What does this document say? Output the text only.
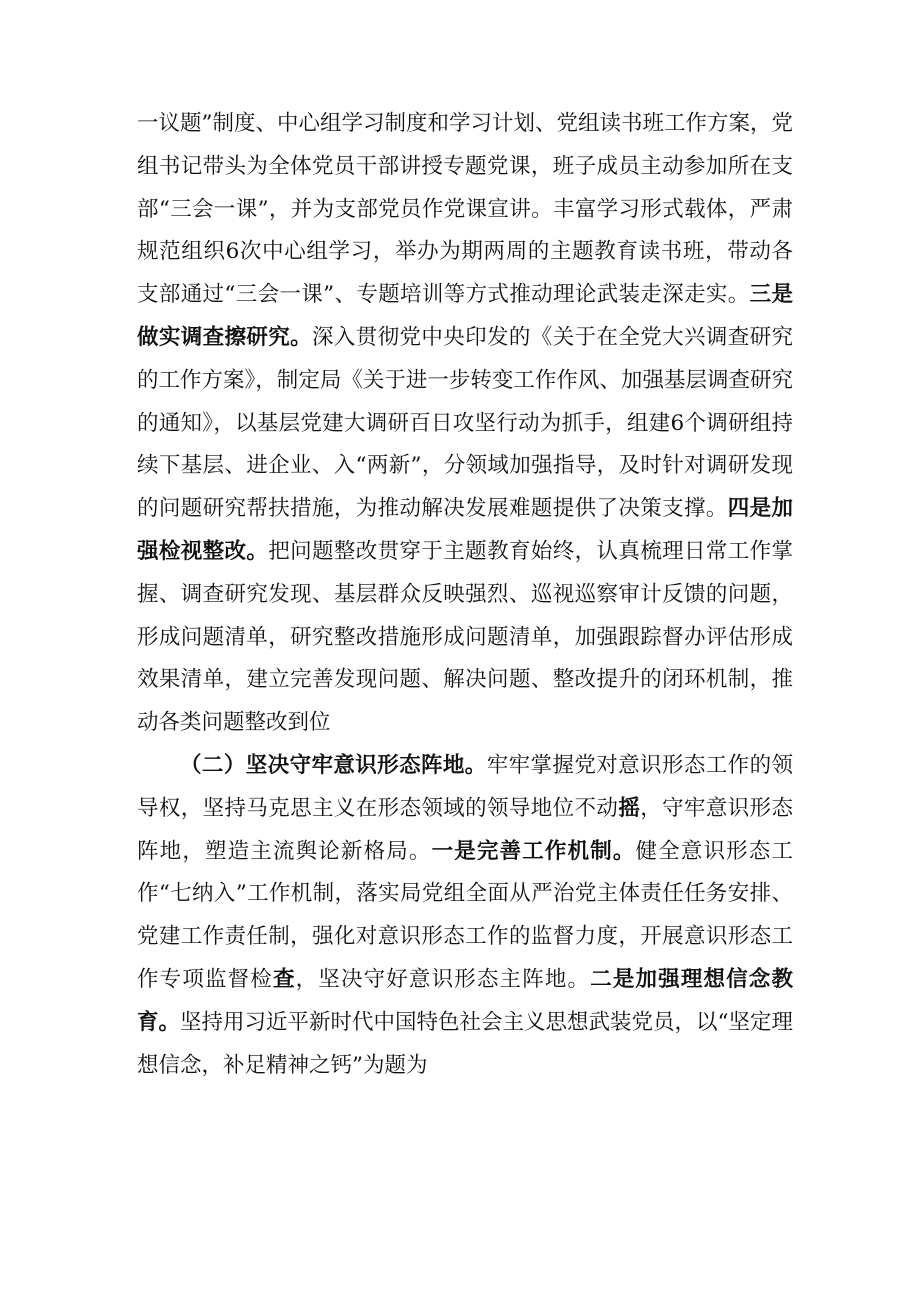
一议题”制度、中心组学习制度和学习计划、党组读书班工作方案，党组书记带头为全体党员干部讲授专题党课，班子成员主动参加所在支部“三会一课”，并为支部党员作党课宣讲。丰富学习形式载体，严肃规范组织6次中心组学习，举办为期两周的主题教育读书班，带动各支部通过“三会一课”、专题培训等方式推动理论武装走深走实。三是做实调查擦研究。深入贯彻党中央印发的《关于在全党大兴调查研究的工作方案》，制定局《关于进一步转变工作作风、加强基层调查研究的通知》，以基层党建大调研百日攻坚行动为抓手，组建6个调研组持续下基层、进企业、入“两新”，分领域加强指导，及时针对调研发现的问题研究帮扶措施，为推动解决发展难题提供了决策支撑。四是加强检视整改。把问题整改贯穿于主题教育始终，认真梳理日常工作掌握、调查研究发现、基层群众反映强烈、巡视巡察审计反馈的问题，形成问题清单，研究整改措施形成问题清单，加强跟踪督办评估形成效果清单，建立完善发现问题、解决问题、整改提升的闭环机制，推动各类问题整改到位

（二）坚决守牢意识形态阵地。牢牢掌握党对意识形态工作的领导权，坚持马克思主义在形态领域的领导地位不动摇，守牢意识形态阵地，塑造主流舆论新格局。一是完善工作机制。健全意识形态工作“七纳入”工作机制，落实局党组全面从严治党主体责任任务安排、党建工作责任制，强化对意识形态工作的监督力度，开展意识形态工作专项监督检查，坚决守好意识形态主阵地。二是加强理想信念教育。坚持用习近平新时代中国特色社会主义思想武装党员，以“坚定理想信念，补足精神之钙”为题为
